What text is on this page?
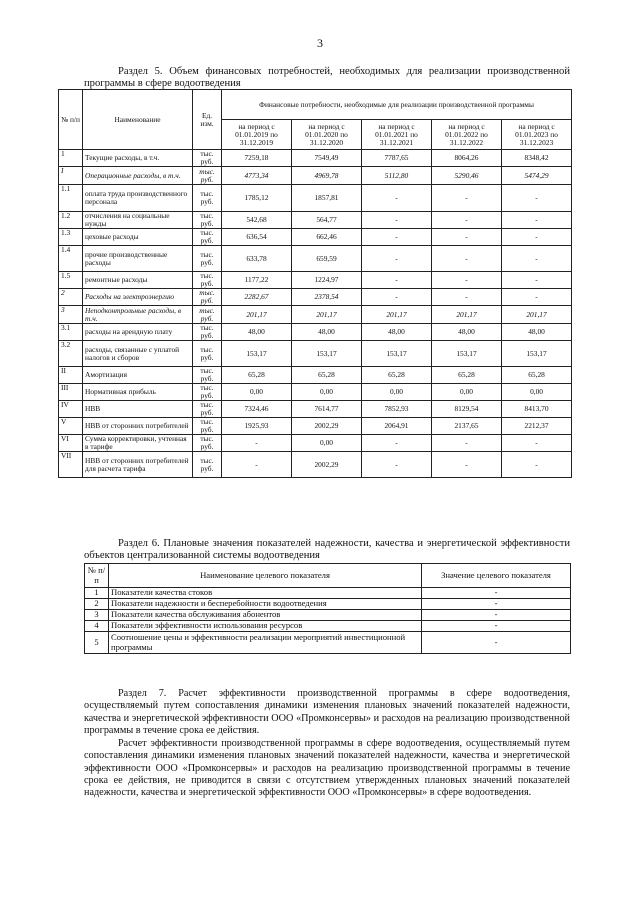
3
Раздел 5. Объем финансовых потребностей, необходимых для реализации производственной программы в сфере водоотведения
№ п/п	Наименование	Ед. изм.	Финансовые потребности, необходимые для реализации производственной программы				
			на период с 01.01.2019 по 31.12.2019	на период с 01.01.2020 по 31.12.2020	на период с 01.01.2021 по 31.12.2021	на период с 01.01.2022 по 31.12.2022	на период с 01.01.2023 по 31.12.2023
1	Текущие расходы, в т.ч.	тыс. руб.	7259,18	7549,49	7787,65	8064,26	8348,42
I	Операционные расходы, в т.ч.	тыс. руб.	4773,34	4969,78	5112,80	5290,46	5474,29
1.1	оплата труда производственного персонала	тыс. руб.	1785,12	1857,81	-	-	-
1.2	отчисления на социальные нужды	тыс. руб.	542,68	564,77	-	-	-
1.3	цеховые расходы	тыс. руб.	636,54	662,46	-	-	-
1.4	прочие производственные расходы	тыс. руб.	633,78	659,59	-	-	-
1.5	ремонтные расходы	тыс. руб.	1177,22	1224,97	-	-	-
2	Расходы на электроэнергию	тыс. руб.	2282,67	2378,54	-	-	-
3	Неподконтрольные расходы, в т.ч.	тыс. руб.	201,17	201,17	201,17	201,17	201,17
3.1	расходы на арендную плату	тыс. руб.	48,00	48,00	48,00	48,00	48,00
3.2	расходы, связанные с уплатой налогов и сборов	тыс. руб.	153,17	153,17	153,17	153,17	153,17
II	Амортизация	тыс. руб.	65,28	65,28	65,28	65,28	65,28
III	Нормативная прибыль	тыс. руб.	0,00	0,00	0,00	0,00	0,00
IV	НВВ	тыс. руб.	7324,46	7614,77	7852,93	8129,54	8413,70
V	НВВ от сторонних потребителей	тыс. руб.	1925,93	2002,29	2064,91	2137,65	2212,37
VI	Сумма корректировки, учтенная в тарифе	тыс. руб.	-	0,00	-	-	-
VII	НВВ от сторонних потребителей для расчета тарифа	тыс. руб.	-	2002,29	-	-	-
Раздел 6. Плановые значения показателей надежности, качества и энергетической эффективности объектов централизованной системы водоотведения
№ п/п	Наименование целевого показателя	Значение целевого показателя
1	Показатели качества стоков	-
2	Показатели надежности и бесперебойности водоотведения	-
3	Показатели качества обслуживания абонентов	-
4	Показатели эффективности использования ресурсов	-
5	Соотношение цены и эффективности реализации мероприятий инвестиционной программы	-
Раздел 7. Расчет эффективности производственной программы в сфере водоотведения, осуществляемый путем сопоставления динамики изменения плановых значений показателей надежности, качества и энергетической эффективности ООО «Промконсервы» и расходов на реализацию производственной программы в течение срока ее действия.
Расчет эффективности производственной программы в сфере водоотведения, осуществляемый путем сопоставления динамики изменения плановых значений показателей надежности, качества и энергетической эффективности ООО «Промконсервы» и расходов на реализацию производственной программы в течение срока ее действия, не приводится в связи с отсутствием утвержденных плановых значений показателей надежности, качества и энергетической эффективности ООО «Промконсервы» в сфере водоотведения.
